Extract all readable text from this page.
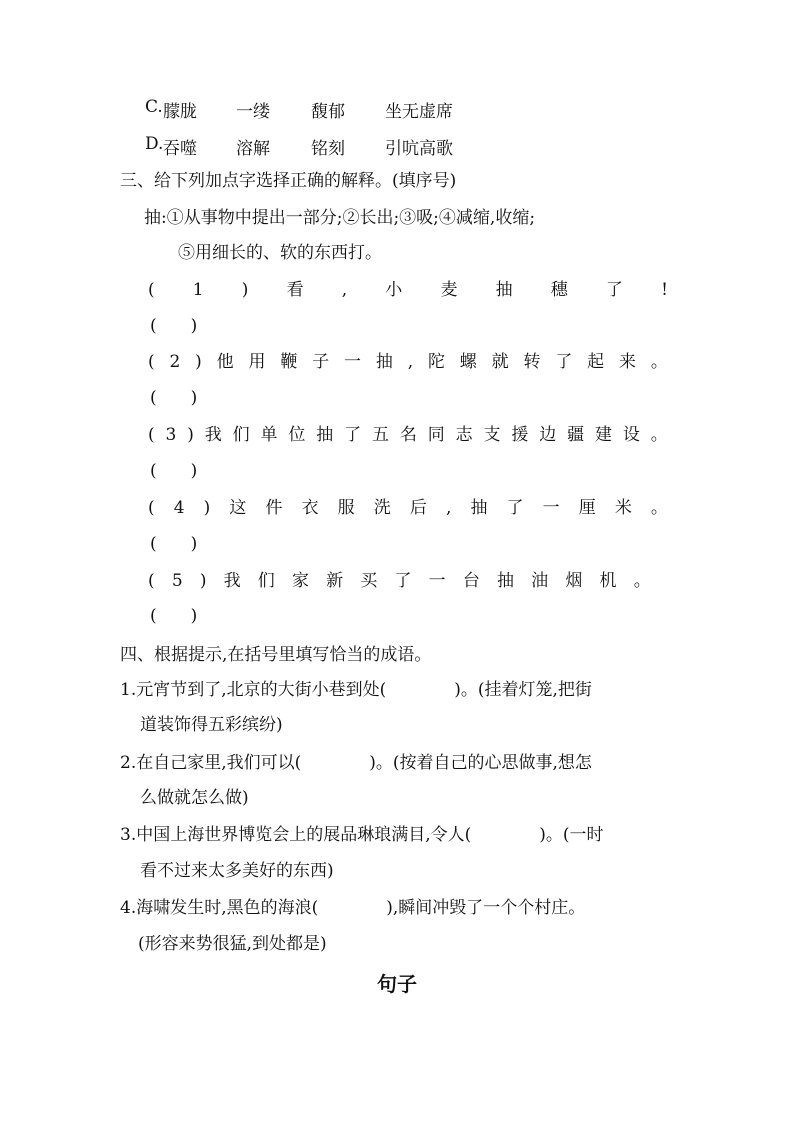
C. 朦胧 一缕 馥郁 坐无虚席
D. 吞噬 溶解 铭刻 引吭高歌
三、给下列加点字选择正确的解释。(填序号)
抽:①从事物中提出一部分;②长出;③吸;④减缩,收缩;
⑤用细长的、软的东西打。
( 1 ) 看 , 小 麦 抽 穗 了 !
(　　)
( 2 ) 他 用 鞭 子 一 抽 , 陀 螺 就 转 了 起 来 。
(　　)
( 3 ) 我 们 单 位 抽 了 五 名 同 志 支 援 边 疆 建 设 。
(　　)
( 4 ) 这 件 衣 服 洗 后 , 抽 了 一 厘 米 。
(　　)
( 5 ) 我 们 家 新 买 了 一 台 抽 油 烟 机 。
(　　)
四、根据提示,在括号里填写恰当的成语。
1.元宵节到了,北京的大街小巷到处(　　　　)。(挂着灯笼,把街
道装饰得五彩缤纷)
2.在自己家里,我们可以(　　　　)。(按着自己的心思做事,想怎
么做就怎么做)
3.中国上海世界博览会上的展品琳琅满目,令人(　　　　)。(一时
看不过来太多美好的东西)
4.海啸发生时,黑色的海浪(　　　　),瞬间冲毁了一个个村庄。
(形容来势很猛,到处都是)
句子
